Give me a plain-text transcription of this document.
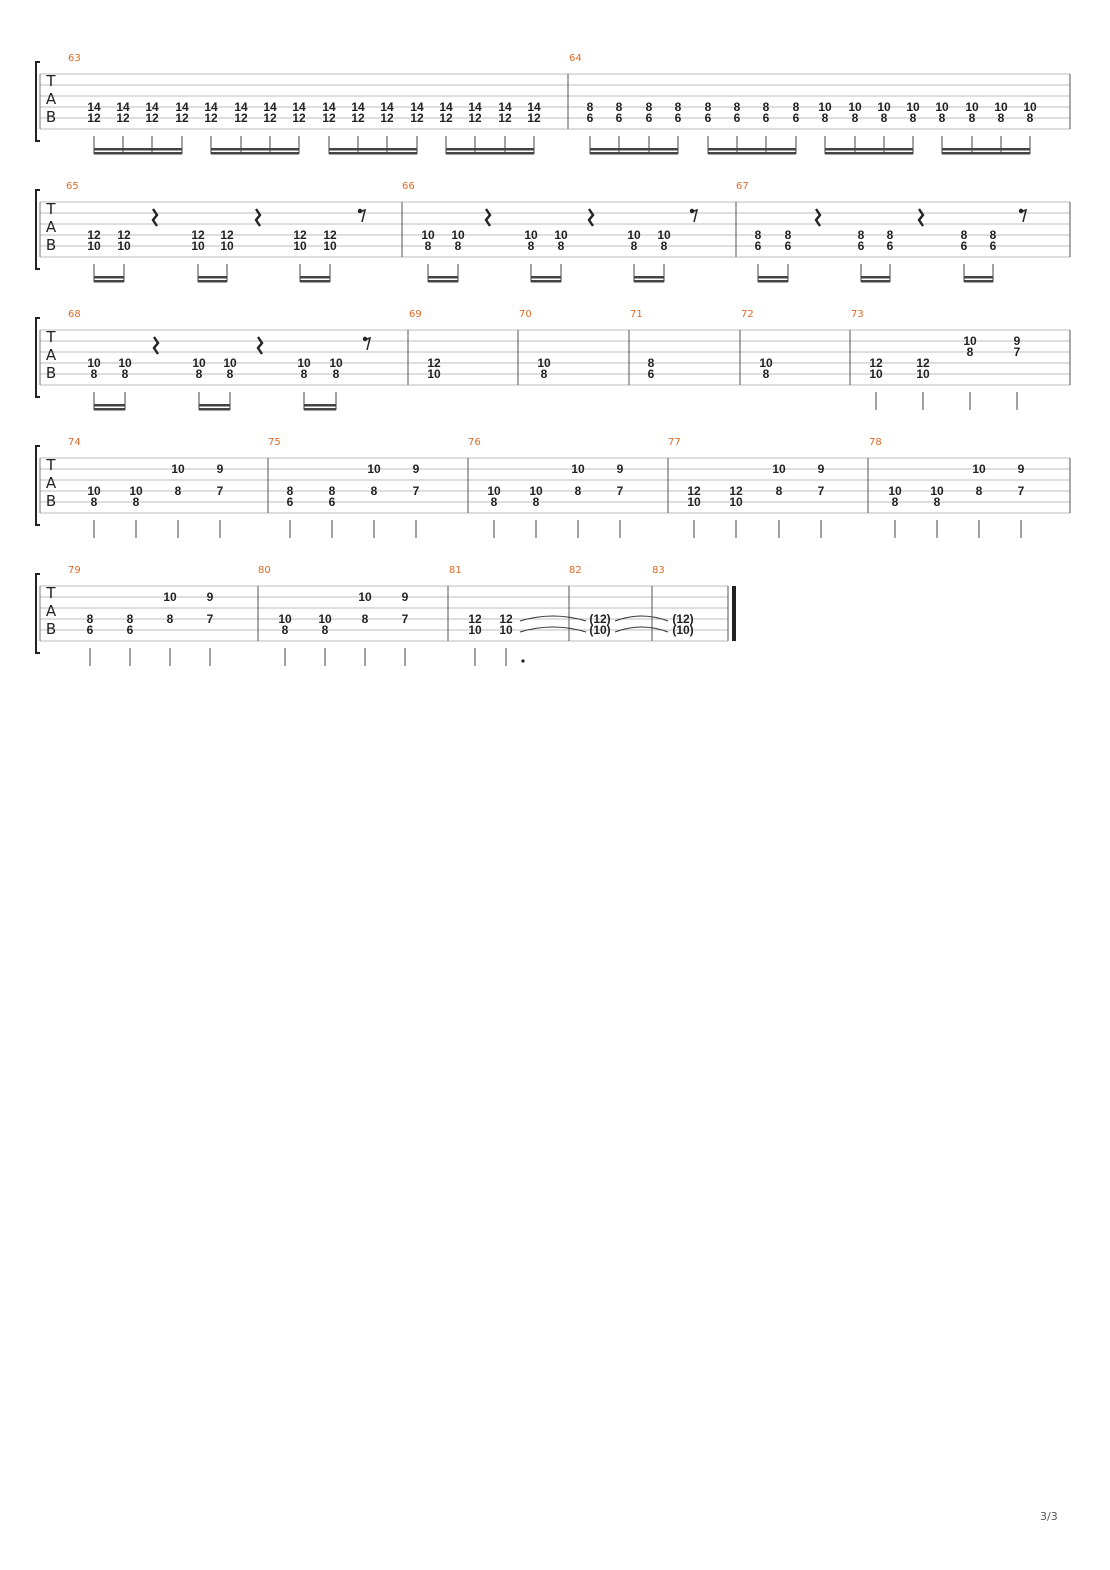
T
A
B
63	64
14
12
14
12
14
12
14
12
14
12
14
12
14
12
14
12
14
12
14
12
14
12
14
12
14
12
14
12
14
12
14
12
8
6
8
6
8
6
8
6
8
6
8
6
8
6
8
6
10
8
10
8
10
8
10
8
10
8
10
8
10
8
10
8
T
A
B
65	66	67
12
10
12
10
12
10
12
10
12
10
12
10
10
8
10
8
10
8
10
8
10
8
10
8
8
6
8
6
8
6
8
6
8
6
8
6
T
A
B
68	69	70	71	72	73
10
8
10
8
10
8
10
8
10
8
10
8
12
10
10
8
8
6
10
8
12
10
12
10
10
8
9
7
T
A
B
74	75	76	77	78
10
8
10
8
10
8
9
7	8
6
8
6
10
8
9
7	10
8
10
8
10
8
9
7	12
10
12
10
10
8
9
7	10
8
10
8
10
8
9
7
T
A
B
79	80	81	82	83
8
6
8
6
10
8
9
7	10
8
10
8
10
8
9
7	12
10
12
10
(12)
(10)
(12)
(10)
3/3
